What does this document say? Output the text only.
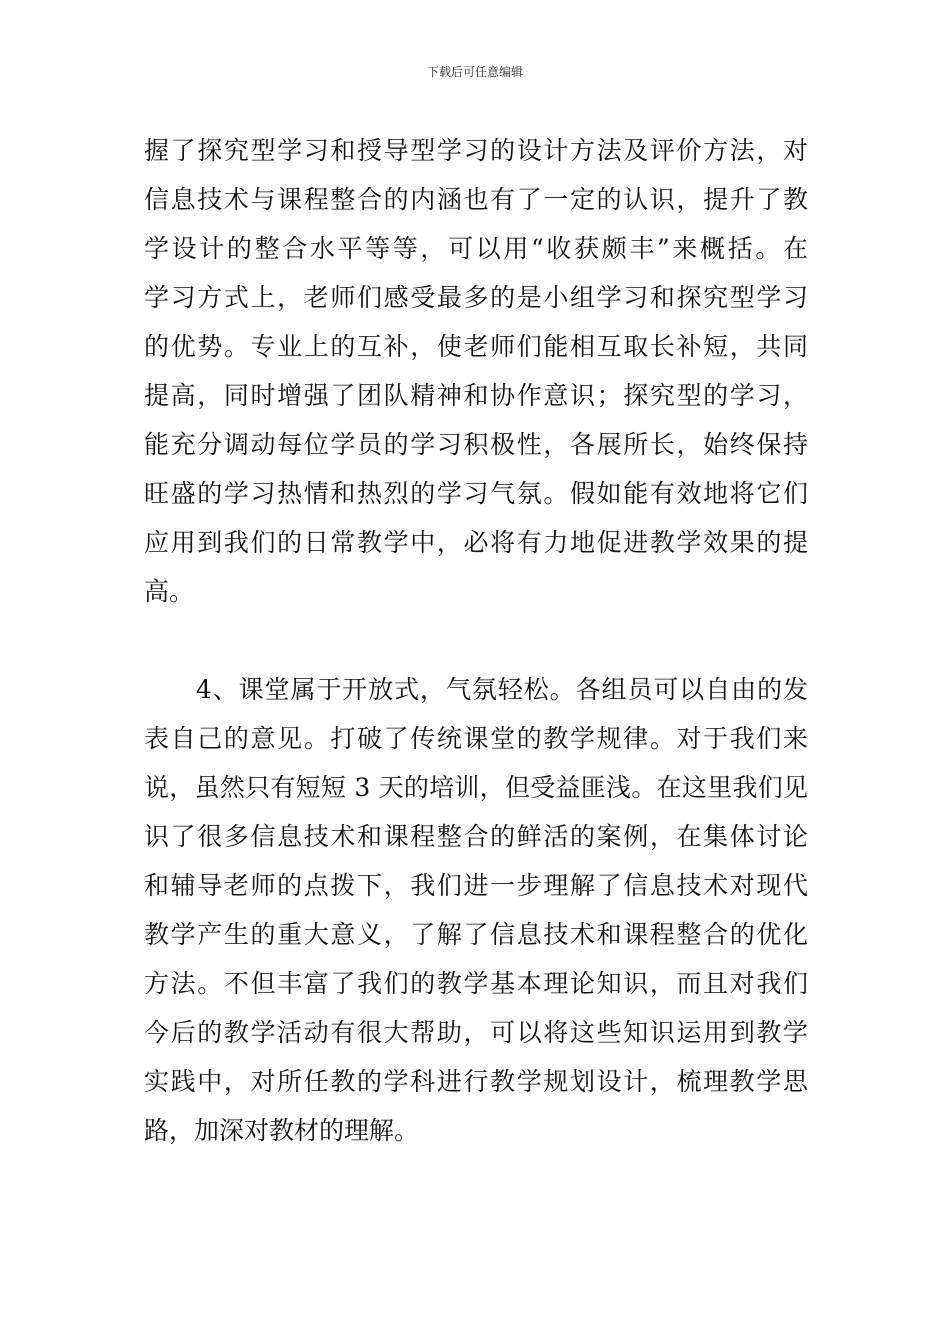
下载后可任意编辑
握了探究型学习和授导型学习的设计方法及评价方法，对
信息技术与课程整合的内涵也有了一定的认识，提升了教
学设计的整合水平等等，可以用“收获颇丰”来概括。在
学习方式上，老师们感受最多的是小组学习和探究型学习
的优势。专业上的互补，使老师们能相互取长补短，共同
提高，同时增强了团队精神和协作意识；探究型的学习，
能充分调动每位学员的学习积极性，各展所长，始终保持
旺盛的学习热情和热烈的学习气氛。假如能有效地将它们
应用到我们的日常教学中，必将有力地促进教学效果的提
高。
　　4、课堂属于开放式，气氛轻松。各组员可以自由的发
表自己的意见。打破了传统课堂的教学规律。对于我们来
说，虽然只有短短 3 天的培训，但受益匪浅。在这里我们见
识了很多信息技术和课程整合的鲜活的案例，在集体讨论
和辅导老师的点拨下，我们进一步理解了信息技术对现代
教学产生的重大意义，了解了信息技术和课程整合的优化
方法。不但丰富了我们的教学基本理论知识，而且对我们
今后的教学活动有很大帮助，可以将这些知识运用到教学
实践中，对所任教的学科进行教学规划设计，梳理教学思
路，加深对教材的理解。
